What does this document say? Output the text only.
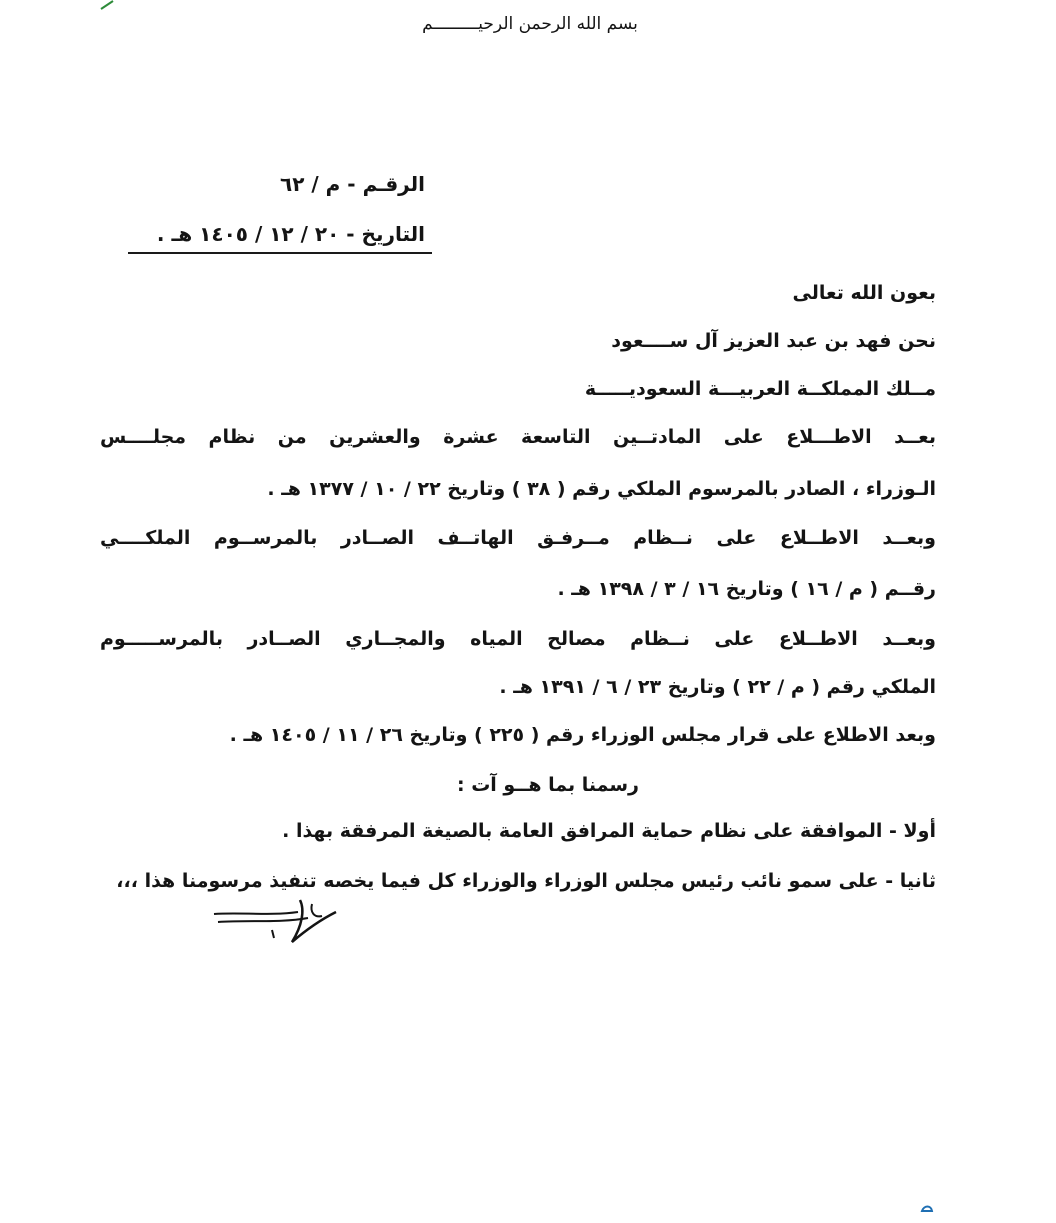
بسم الله الرحمن الرحيـــــــــم
الرقـم - م / ٦٢
التاريخ - ٢٠ / ١٢ / ١٤٠٥ هـ .
بعون الله تعالى
نحن فهد بن عبد العزيز آل ســــعود
مــلك المملكــة العربيـــة السعوديـــــة
بعــد الاطـــلاع على المادتــين التاسعة عشرة والعشرين من نظام مجلــــس
الـوزراء ، الصادر بالمرسوم الملكي رقم ( ٣٨ ) وتاريخ ٢٢ / ١٠ / ١٣٧٧ هـ .
وبعــد الاطــلاع على نــظام مــرفـق الهاتــف الصــادر بالمرســوم الملكــــي
رقــم ( م / ١٦ ) وتاريخ ١٦ / ٣ / ١٣٩٨ هـ .
وبعــد الاطــلاع على نــظام مصالح المياه والمجــاري الصــادر بالمرســـــوم
الملكي رقم ( م / ٢٢ ) وتاريخ ٢٣ / ٦ / ١٣٩١ هـ .
وبعد الاطلاع على قرار مجلس الوزراء رقم ( ٢٢٥ ) وتاريخ ٢٦ / ١١ / ١٤٠٥ هـ .
رسمنا بما هــو آت :
أولا - الموافقة على نظام حماية المرافق العامة بالصيغة المرفقة بهذا .
ثانيا - على سمو نائب رئيس مجلس الوزراء والوزراء كل فيما يخصه تنفيذ مرسومنا هذا ،،،
